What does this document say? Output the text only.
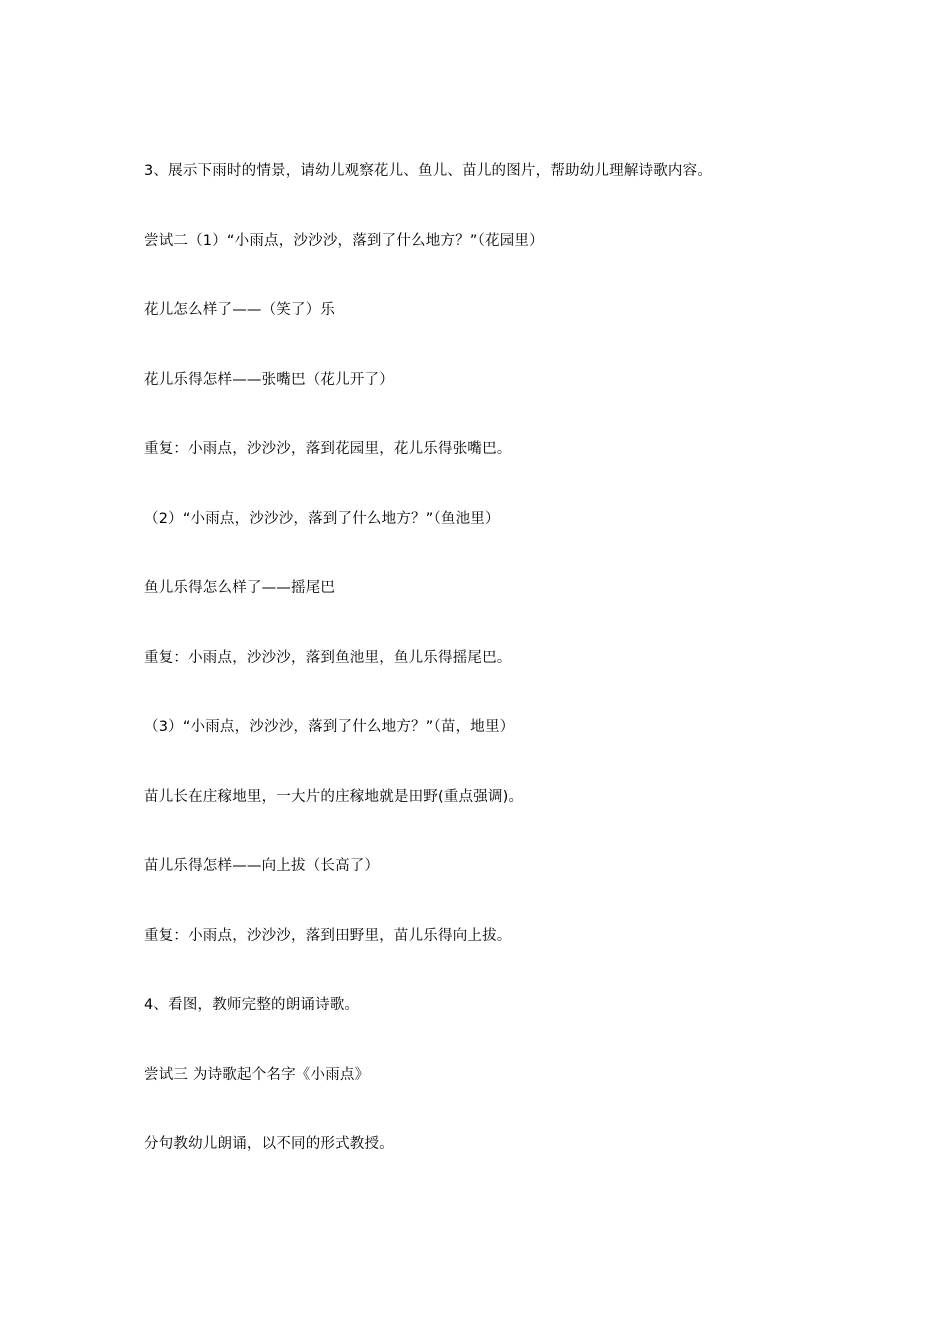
3、展示下雨时的情景，请幼儿观察花儿、鱼儿、苗儿的图片，帮助幼儿理解诗歌内容。

尝试二（1）“小雨点，沙沙沙，落到了什么地方？”（花园里）

花儿怎么样了——（笑了）乐

花儿乐得怎样——张嘴巴（花儿开了）

重复：小雨点，沙沙沙，落到花园里，花儿乐得张嘴巴。

（2）“小雨点，沙沙沙，落到了什么地方？”（鱼池里）

鱼儿乐得怎么样了——摇尾巴

重复：小雨点，沙沙沙，落到鱼池里，鱼儿乐得摇尾巴。

（3）“小雨点，沙沙沙，落到了什么地方？”（苗，地里）

苗儿长在庄稼地里，一大片的庄稼地就是田野(重点强调)。

苗儿乐得怎样——向上拔（长高了）

重复：小雨点，沙沙沙，落到田野里，苗儿乐得向上拔。

4、看图，教师完整的朗诵诗歌。

尝试三 为诗歌起个名字《小雨点》

分句教幼儿朗诵，以不同的形式教授。
